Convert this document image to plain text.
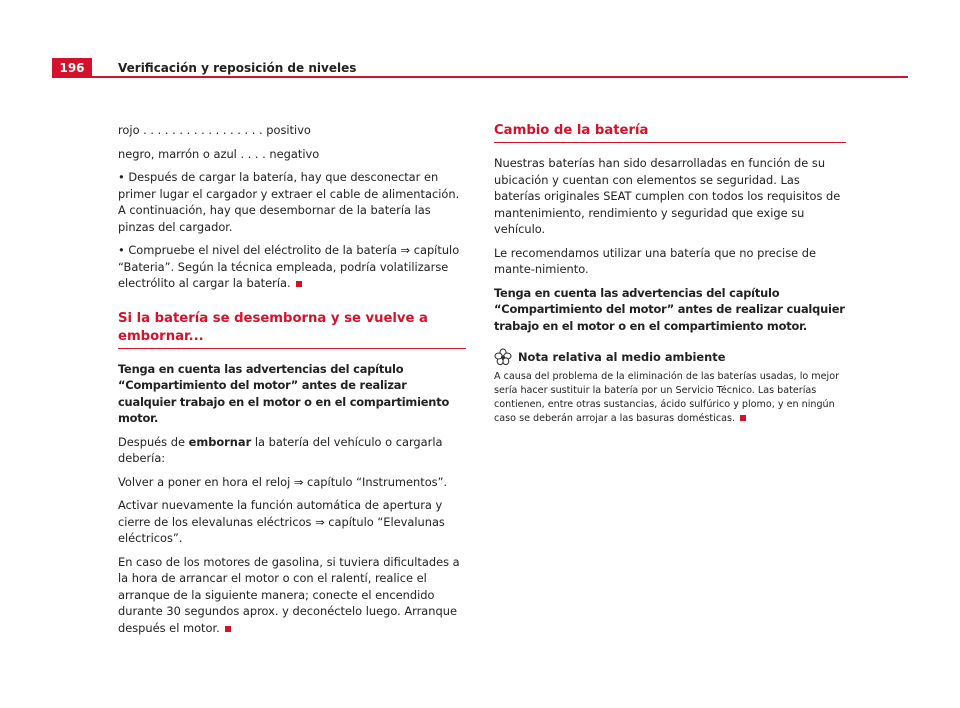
196	Verificación y reposición de niveles

rojo . . . . . . . . . . . . . . . . . positivo

negro, marrón o azul . . . . negativo

• Después de cargar la batería, hay que desconectar en primer lugar el cargador y extraer el cable de alimentación. A continuación, hay que desembornar de la batería las pinzas del cargador.

• Compruebe el nivel del eléctrolito de la batería ⇒ capítulo “Bateria”. Según la técnica empleada, podría volatilizarse electrólito al cargar la batería.

Si la batería se desemborna y se vuelve a embornar...

Tenga en cuenta las advertencias del capítulo “Compartimiento del motor” antes de realizar cualquier trabajo en el motor o en el compartimiento motor.

Después de embornar la batería del vehículo o cargarla debería:

Volver a poner en hora el reloj ⇒ capítulo “Instrumentos”.

Activar nuevamente la función automática de apertura y cierre de los elevalunas eléctricos ⇒ capítulo “Elevalunas eléctricos”.

En caso de los motores de gasolina, si tuviera dificultades a la hora de arrancar el motor o con el ralentí, realice el arranque de la siguiente manera; conecte el encendido durante 30 segundos aprox. y deconéctelo luego. Arranque después el motor.

Cambio de la batería

Nuestras baterías han sido desarrolladas en función de su ubicación y cuentan con elementos se seguridad. Las baterías originales SEAT cumplen con todos los requisitos de mantenimiento, rendimiento y seguridad que exige su vehículo.

Le recomendamos utilizar una batería que no precise de mante-nimiento.

Tenga en cuenta las advertencias del capítulo “Compartimiento del motor” antes de realizar cualquier trabajo en el motor o en el compartimiento motor.

Nota relativa al medio ambiente

A causa del problema de la eliminación de las baterías usadas, lo mejor sería hacer sustituir la batería por un Servicio Técnico. Las baterías contienen, entre otras sustancias, ácido sulfúrico y plomo, y en ningún caso se deberán arrojar a las basuras domésticas.
